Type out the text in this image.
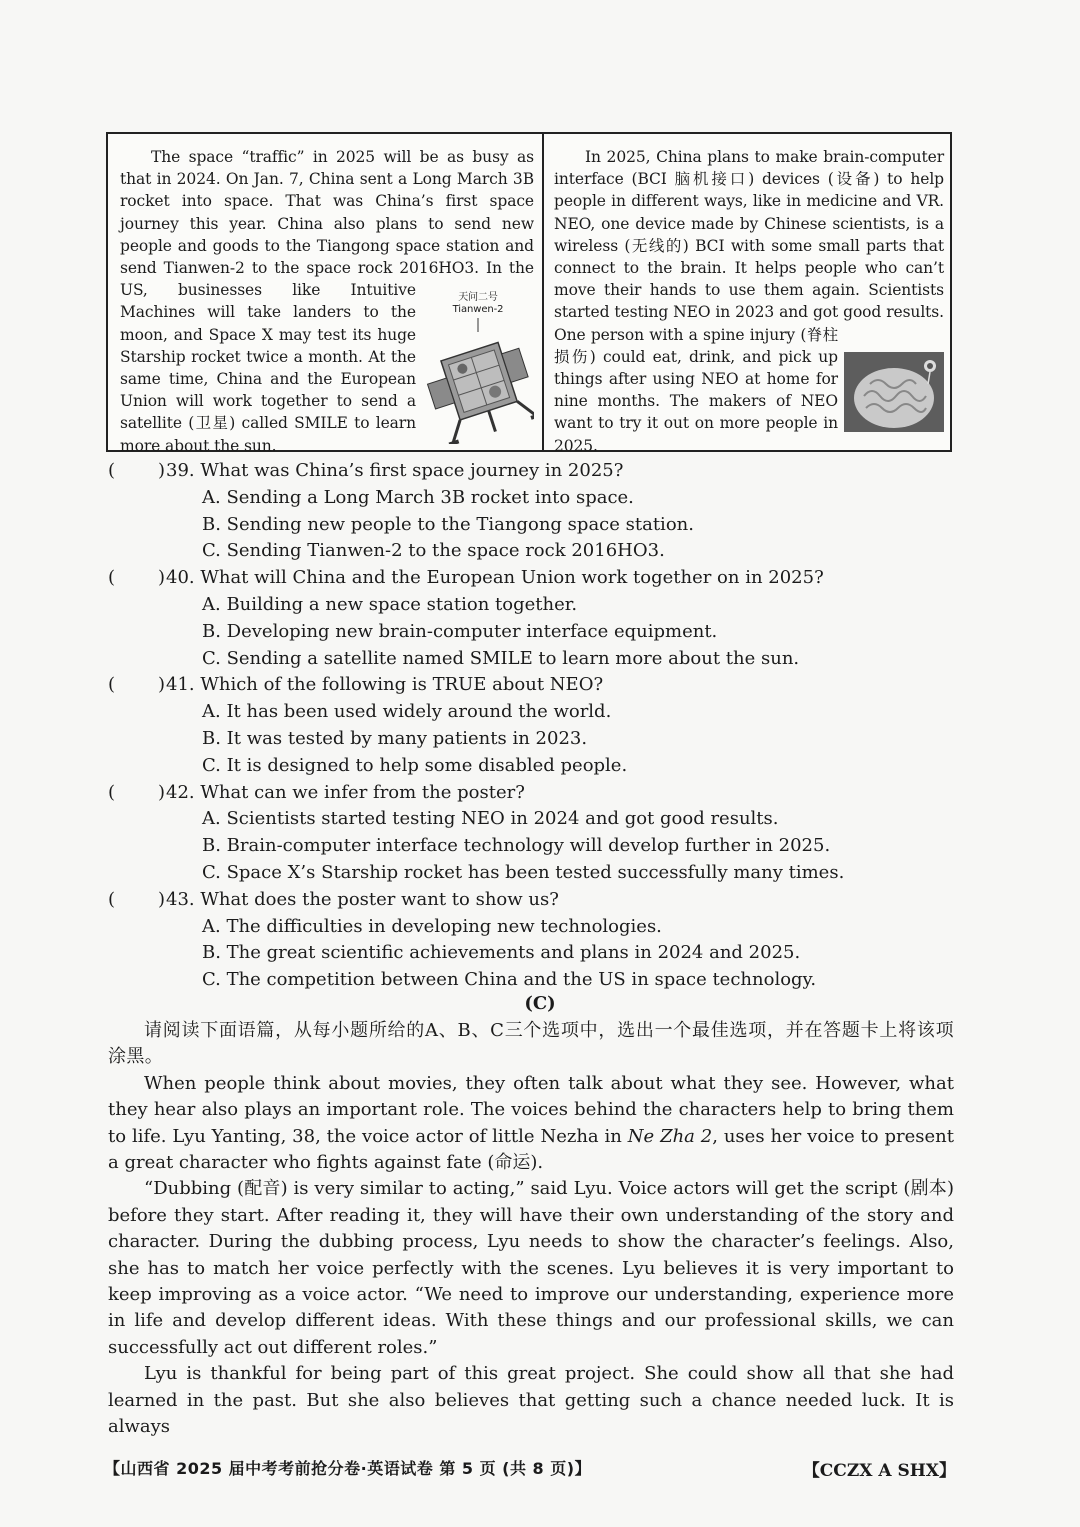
天问二号
Tianwen-2

The space “traffic” in 2025 will be as busy as that in 2024. On Jan. 7, China sent a Long March 3B rocket into space. That was China’s first space journey this year. China also plans to send new people and goods to the Tiangong space station and send Tianwen-2 to the space rock 2016HO3. In the US, businesses like Intuitive Machines will take landers to the moon, and Space X may test its huge Starship rocket twice a month. At the same time, China and the European Union will work together to send a satellite (卫星) called SMILE to learn more about the sun.

In 2025, China plans to make brain-computer interface (BCI 脑机接口) devices (设备) to help people in different ways, like in medicine and VR. NEO, one device made by Chinese scientists, is a wireless (无线的) BCI with some small parts that connect to the brain. It helps people who can’t move their hands to use them again. Scientists started testing NEO in 2023 and got good results. One person with a spine injury (脊柱损伤) could eat, drink, and pick up things after using NEO at home for nine months. The makers of NEO want to try it out on more people in 2025.

( ) 39. What was China’s first space journey in 2025?
A. Sending a Long March 3B rocket into space.
B. Sending new people to the Tiangong space station.
C. Sending Tianwen-2 to the space rock 2016HO3.
( ) 40. What will China and the European Union work together on in 2025?
A. Building a new space station together.
B. Developing new brain-computer interface equipment.
C. Sending a satellite named SMILE to learn more about the sun.
( ) 41. Which of the following is TRUE about NEO?
A. It has been used widely around the world.
B. It was tested by many patients in 2023.
C. It is designed to help some disabled people.
( ) 42. What can we infer from the poster?
A. Scientists started testing NEO in 2024 and got good results.
B. Brain-computer interface technology will develop further in 2025.
C. Space X’s Starship rocket has been tested successfully many times.
( ) 43. What does the poster want to show us?
A. The difficulties in developing new technologies.
B. The great scientific achievements and plans in 2024 and 2025.
C. The competition between China and the US in space technology.
(C)

请阅读下面语篇，从每小题所给的A、B、C三个选项中，选出一个最佳选项，并在答题卡上将该项涂黑。

When people think about movies, they often talk about what they see. However, what they hear also plays an important role. The voices behind the characters help to bring them to life. Lyu Yanting, 38, the voice actor of little Nezha in Ne Zha 2, uses her voice to present a great character who fights against fate (命运).

“Dubbing (配音) is very similar to acting,” said Lyu. Voice actors will get the script (剧本) before they start. After reading it, they will have their own understanding of the story and character. During the dubbing process, Lyu needs to show the character’s feelings. Also, she has to match her voice perfectly with the scenes. Lyu believes it is very important to keep improving as a voice actor. “We need to improve our understanding, experience more in life and develop different ideas. With these things and our professional skills, we can successfully act out different roles.”

Lyu is thankful for being part of this great project. She could show all that she had learned in the past. But she also believes that getting such a chance needed luck. It is always

【山西省 2025 届中考考前抢分卷·英语试卷 第 5 页 (共 8 页)】	【CCZX A SHX】
